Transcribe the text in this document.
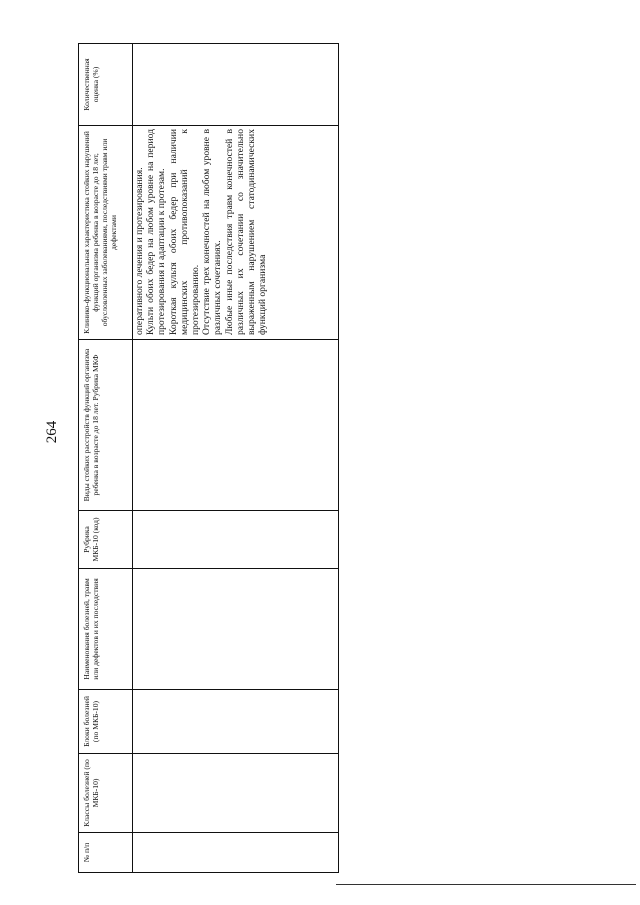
264
№ п/п	Классы болезней (по МКБ-10)	Блоки болезней (по МКБ-10)	Наименования болезней, травм или дефектов и их последствия	Рубрика МКБ-10 (код)	Виды стойких расстройств функций организма ребенка в возрасте до 18 лет. Рубрика МКФ	Клинико-функциональная характеристика стойких нарушений функций организма ребенка в возрасте до 18 лет, обусловленных заболеваниями, последствиями травм или дефектами	Количественная оценка (%)

						оперативного лечения и протезирования. Культи обоих бедер на любом уровне на период протезирования и адаптации к протезам. Короткая культя обоих бедер при наличии медицинских противопоказаний к протезированию. Отсутствие трех конечностей на любом уровне в различных сочетаниях. Любые иные последствия травм конечностей в различных их сочетании со значительно выраженным нарушением статодинамических функций организма	
